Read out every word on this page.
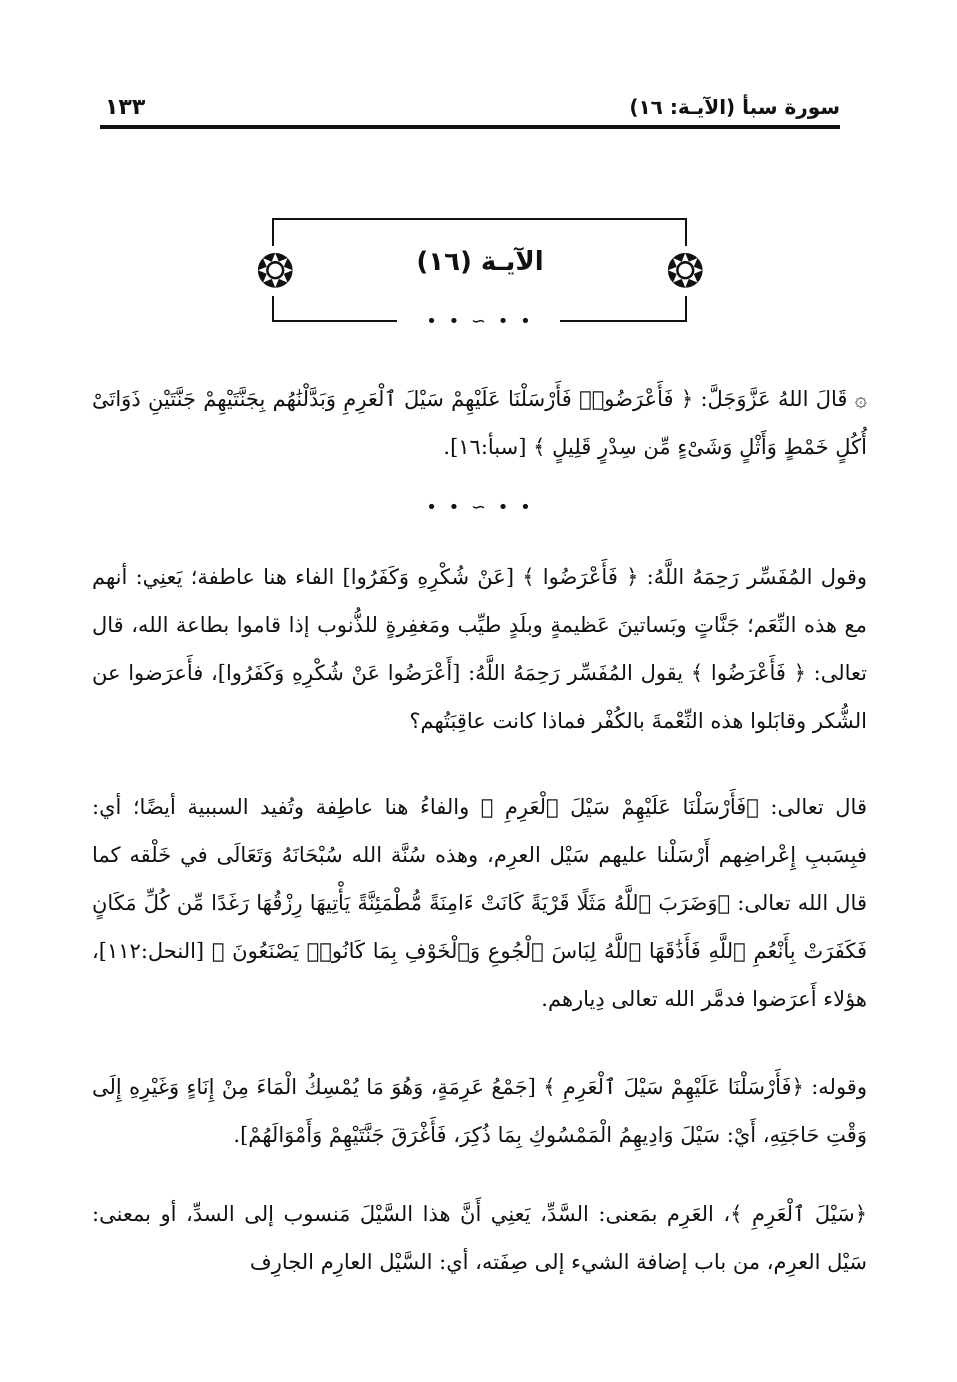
سورة سبأ (الآيـة: ١٦)
١٣٣
❂	❂
الآيـة (١٦)
• • ∽ • •

۞ قَالَ اللهُ عَزَّوَجَلَّ: ﴿ فَأَعْرَضُوا۟ فَأَرْسَلْنَا عَلَيْهِمْ سَيْلَ ٱلْعَرِمِ وَبَدَّلْنَٰهُم بِجَنَّتَيْهِمْ جَنَّتَيْنِ ذَوَاتَىْ أُكُلٍ خَمْطٍ وَأَثْلٍ وَشَىْءٍ مِّن سِدْرٍ قَلِيلٍ ﴾ [سبأ:١٦].

• • ∽ • •

وقول المُفَسِّر رَحِمَهُ اللَّهُ: ﴿ فَأَعْرَضُوا ﴾ [عَنْ شُكْرِهِ وَكَفَرُوا] الفاء هنا عاطفة؛ يَعنِي: أنهم مع هذه النِّعَم؛ جَنَّاتٍ وبَساتينَ عَظيمةٍ وبلَدٍ طيِّب ومَغفِرةٍ للذُّنوب إذا قاموا بطاعة الله، قال تعالى: ﴿ فَأَعْرَضُوا ﴾ يقول المُفَسِّر رَحِمَهُ اللَّهُ: [أَعْرَضُوا عَنْ شُكْرِهِ وَكَفَرُوا]، فأَعرَضوا عن الشُّكر وقابَلوا هذه النِّعْمةَ بالكُفْر فماذا كانت عاقِبَتُهم؟

قال تعالى: ﴿فَأَرْسَلْنَا عَلَيْهِمْ سَيْلَ ٱلْعَرِمِ ﴾ والفاءُ هنا عاطِفة وتُفيد السببية أيضًا؛ أي: فبِسَببِ إِعْراضِهم أَرْسَلْنا عليهم سَيْل العرِم، وهذه سُنَّة الله سُبْحَانَهُ وَتَعَالَى في خَلْقه كما قال الله تعالى: ﴿وَضَرَبَ ٱللَّهُ مَثَلًا قَرْيَةً كَانَتْ ءَامِنَةً مُّطْمَئِنَّةً يَأْتِيهَا رِزْقُهَا رَغَدًا مِّن كُلِّ مَكَانٍ فَكَفَرَتْ بِأَنْعُمِ ٱللَّهِ فَأَذَٰقَهَا ٱللَّهُ لِبَاسَ ٱلْجُوعِ وَٱلْخَوْفِ بِمَا كَانُوا۟ يَصْنَعُونَ ﴾ [النحل:١١٢]، هؤلاء أَعرَضوا فدمَّر الله تعالى دِيارهم.

وقوله: ﴿فَأَرْسَلْنَا عَلَيْهِمْ سَيْلَ ٱلْعَرِمِ ﴾ [جَمْعُ عَرِمَةٍ، وَهُوَ مَا يُمْسِكُ الْمَاءَ مِنْ إِنَاءٍ وَغَيْرِهِ إِلَى وَقْتِ حَاجَتِهِ، أَيْ: سَيْلَ وَادِيهِمُ الْمَمْسُوكِ بِمَا ذُكِرَ، فَأَغْرَقَ جَنَّتَيْهِمْ وَأَمْوَالَهُمْ].

﴿سَيْلَ ٱلْعَرِمِ ﴾، العَرِم بمَعنى: السَّدِّ، يَعنِي أَنَّ هذا السَّيْلَ مَنسوب إلى السدِّ، أو بمعنى: سَيْل العرِم، من باب إضافة الشيء إلى صِفَته، أي: السَّيْل العارِم الجارِف
